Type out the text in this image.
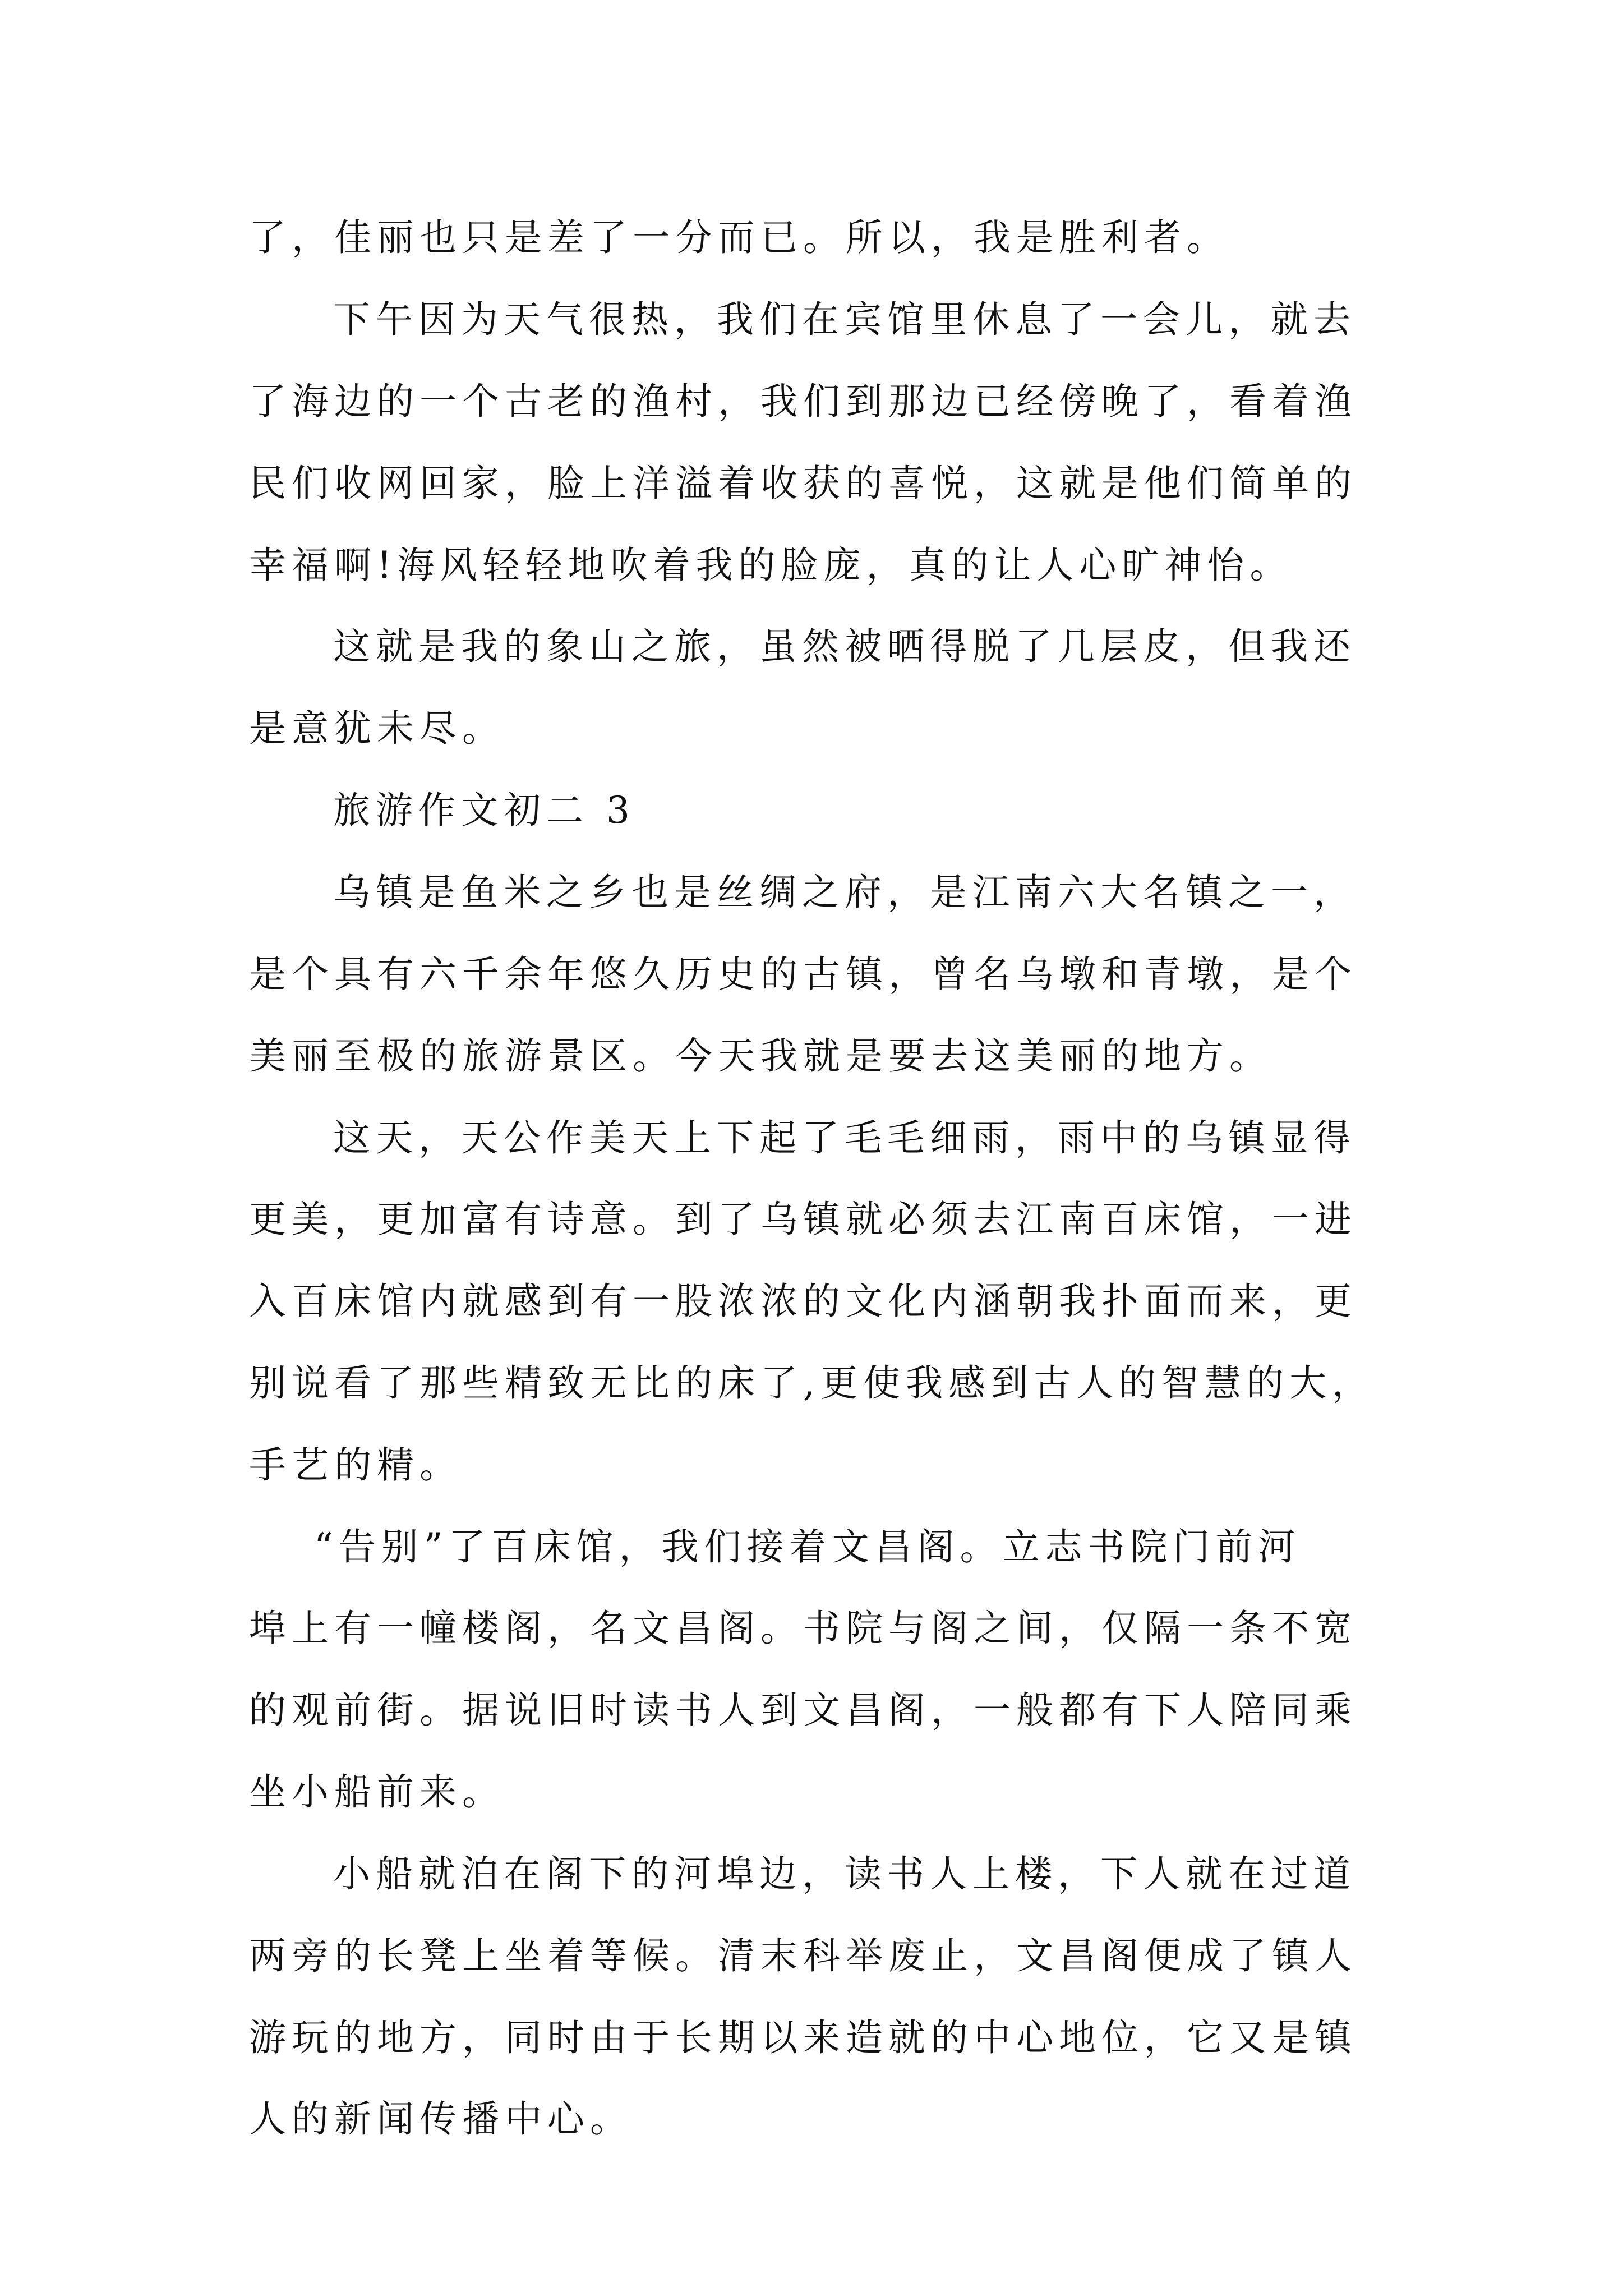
了，佳丽也只是差了一分而已。所以，我是胜利者。
下午因为天气很热，我们在宾馆里休息了一会儿，就去
了海边的一个古老的渔村，我们到那边已经傍晚了，看着渔
民们收网回家，脸上洋溢着收获的喜悦，这就是他们简单的
幸福啊!海风轻轻地吹着我的脸庞，真的让人心旷神怡。
这就是我的象山之旅，虽然被晒得脱了几层皮，但我还
是意犹未尽。
旅游作文初二 3
乌镇是鱼米之乡也是丝绸之府，是江南六大名镇之一，
是个具有六千余年悠久历史的古镇，曾名乌墩和青墩，是个
美丽至极的旅游景区。今天我就是要去这美丽的地方。
这天，天公作美天上下起了毛毛细雨，雨中的乌镇显得
更美，更加富有诗意。到了乌镇就必须去江南百床馆，一进
入百床馆内就感到有一股浓浓的文化内涵朝我扑面而来，更
别说看了那些精致无比的床了,更使我感到古人的智慧的大，
手艺的精。
“告别”了百床馆，我们接着文昌阁。立志书院门前河
埠上有一幢楼阁，名文昌阁。书院与阁之间，仅隔一条不宽
的观前街。据说旧时读书人到文昌阁，一般都有下人陪同乘
坐小船前来。
小船就泊在阁下的河埠边，读书人上楼，下人就在过道
两旁的长凳上坐着等候。清末科举废止，文昌阁便成了镇人
游玩的地方，同时由于长期以来造就的中心地位，它又是镇
人的新闻传播中心。
